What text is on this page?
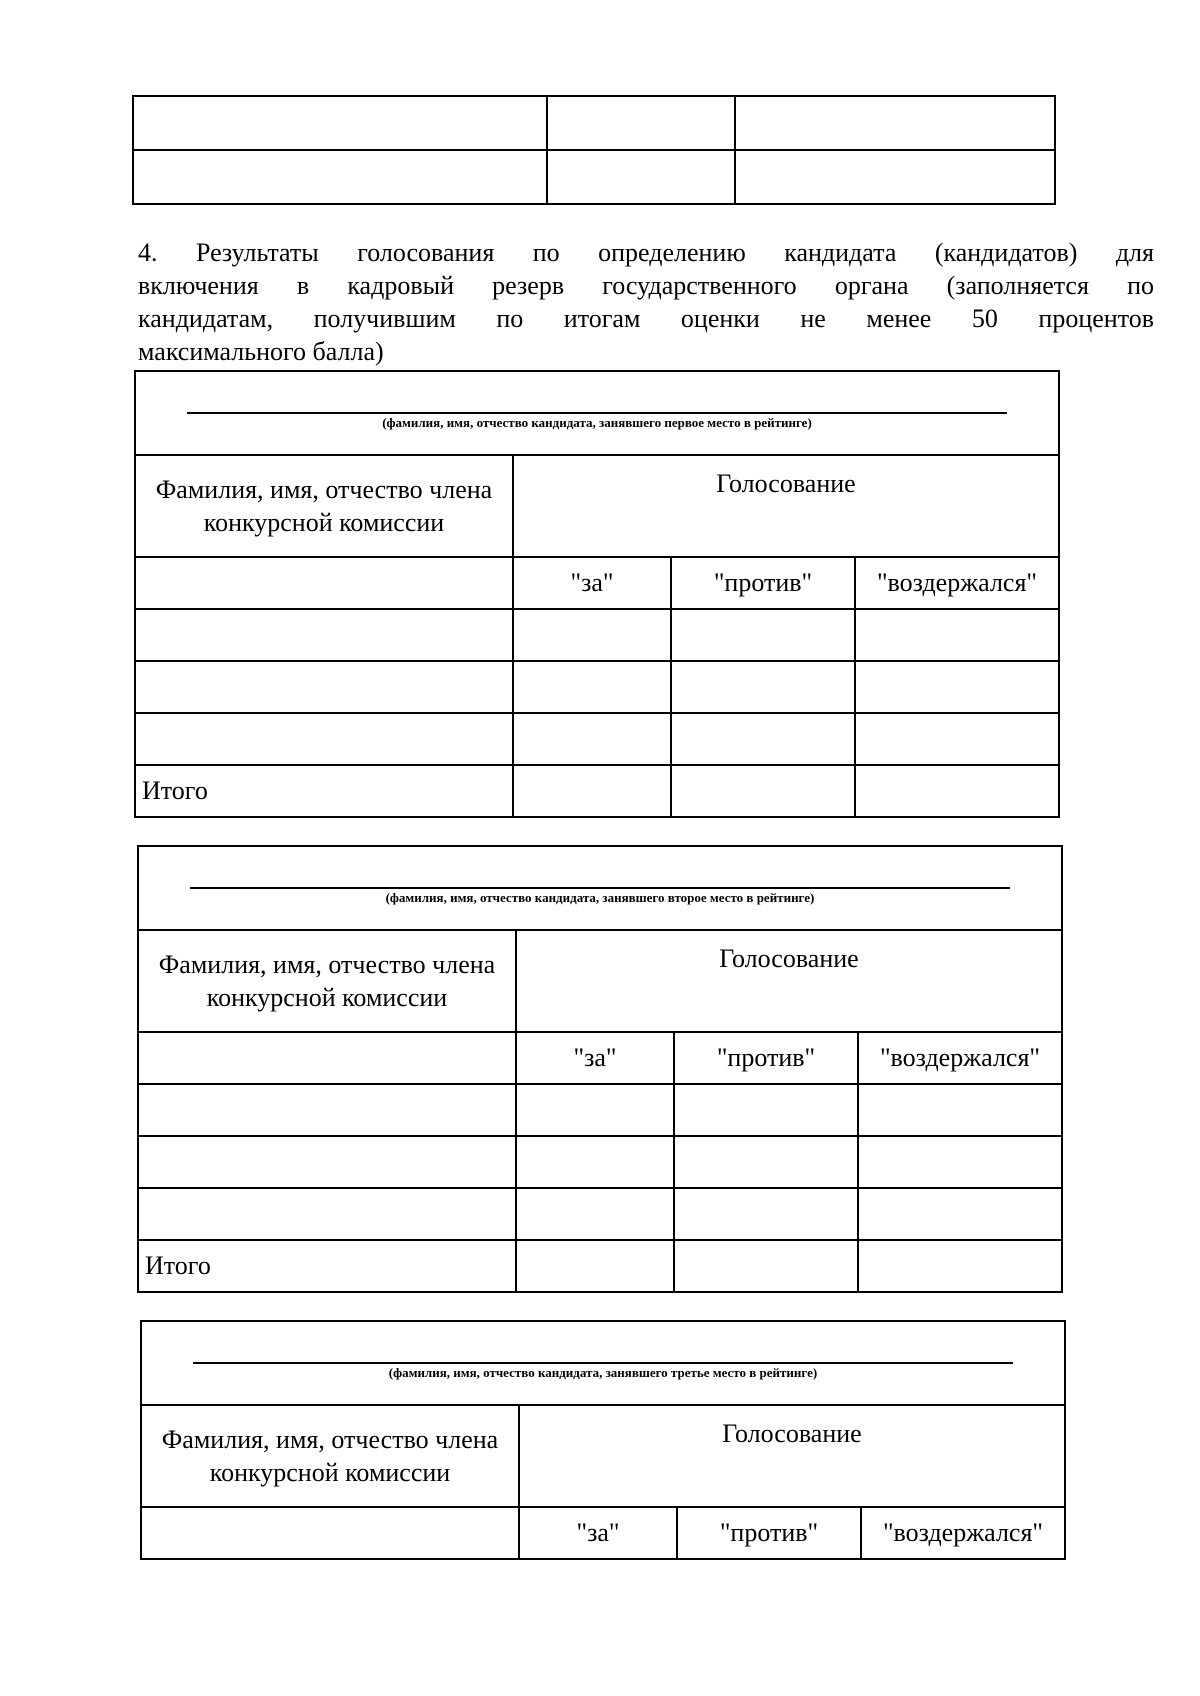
4. Результаты голосования по определению кандидата (кандидатов) для
включения в кадровый резерв государственного органа (заполняется по
кандидатам, получившим по итогам оценки не менее 50 процентов
максимального балла)
(фамилия, имя, отчество кандидата, занявшего первое место в рейтинге)			

Фамилия, имя, отчество члена конкурсной комиссии	Голосование		
	"за"	"против"	"воздержался"

Итого			
(фамилия, имя, отчество кандидата, занявшего второе место в рейтинге)			

Фамилия, имя, отчество члена конкурсной комиссии	Голосование		
	"за"	"против"	"воздержался"

Итого			
(фамилия, имя, отчество кандидата, занявшего третье место в рейтинге)			

Фамилия, имя, отчество члена конкурсной комиссии	Голосование		
	"за"	"против"	"воздержался"
